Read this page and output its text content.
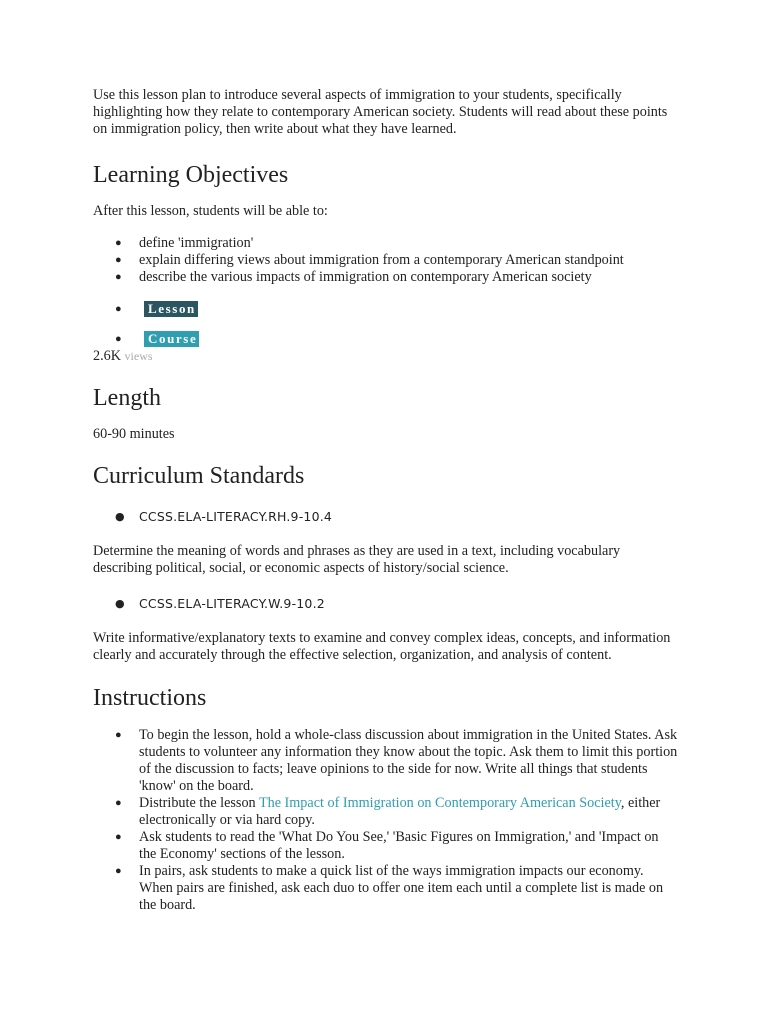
Use this lesson plan to introduce several aspects of immigration to your students, specifically highlighting how they relate to contemporary American society. Students will read about these points on immigration policy, then write about what they have learned.

Learning Objectives

After this lesson, students will be able to:

● define 'immigration'
● explain differing views about immigration from a contemporary American standpoint
● describe the various impacts of immigration on contemporary American society
● Lesson
● Course

2.6K views

Length

60-90 minutes

Curriculum Standards
● CCSS.ELA-LITERACY.RH.9-10.4

Determine the meaning of words and phrases as they are used in a text, including vocabulary describing political, social, or economic aspects of history/social science.

● CCSS.ELA-LITERACY.W.9-10.2

Write informative/explanatory texts to examine and convey complex ideas, concepts, and information clearly and accurately through the effective selection, organization, and analysis of content.

Instructions
● To begin the lesson, hold a whole-class discussion about immigration in the United States. Ask students to volunteer any information they know about the topic. Ask them to limit this portion of the discussion to facts; leave opinions to the side for now. Write all things that students 'know' on the board.
● Distribute the lesson The Impact of Immigration on Contemporary American Society, either electronically or via hard copy.
● Ask students to read the 'What Do You See,' 'Basic Figures on Immigration,' and 'Impact on the Economy' sections of the lesson.
● In pairs, ask students to make a quick list of the ways immigration impacts our economy. When pairs are finished, ask each duo to offer one item each until a complete list is made on the board.
